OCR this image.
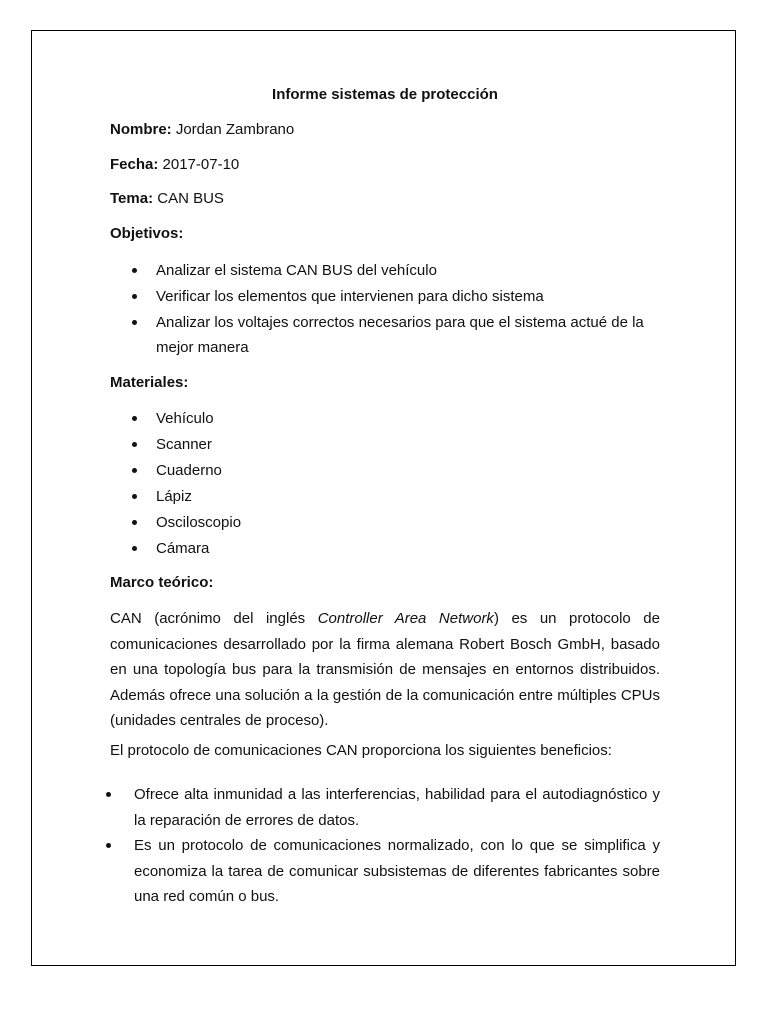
Informe sistemas de protección
Nombre: Jordan Zambrano
Fecha: 2017-07-10
Tema: CAN BUS
Objetivos:
Analizar el sistema CAN BUS del vehículo
Verificar los elementos que intervienen para dicho sistema
Analizar los voltajes correctos necesarios para que el sistema actué de la mejor manera
Materiales:
Vehículo
Scanner
Cuaderno
Lápiz
Osciloscopio
Cámara
Marco teórico:
CAN (acrónimo del inglés Controller Area Network) es un protocolo de comunicaciones desarrollado por la firma alemana Robert Bosch GmbH, basado en una topología bus para la transmisión de mensajes en entornos distribuidos. Además ofrece una solución a la gestión de la comunicación entre múltiples CPUs (unidades centrales de proceso).
El protocolo de comunicaciones CAN proporciona los siguientes beneficios:
Ofrece alta inmunidad a las interferencias, habilidad para el autodiagnóstico y la reparación de errores de datos.
Es un protocolo de comunicaciones normalizado, con lo que se simplifica y economiza la tarea de comunicar subsistemas de diferentes fabricantes sobre una red común o bus.
